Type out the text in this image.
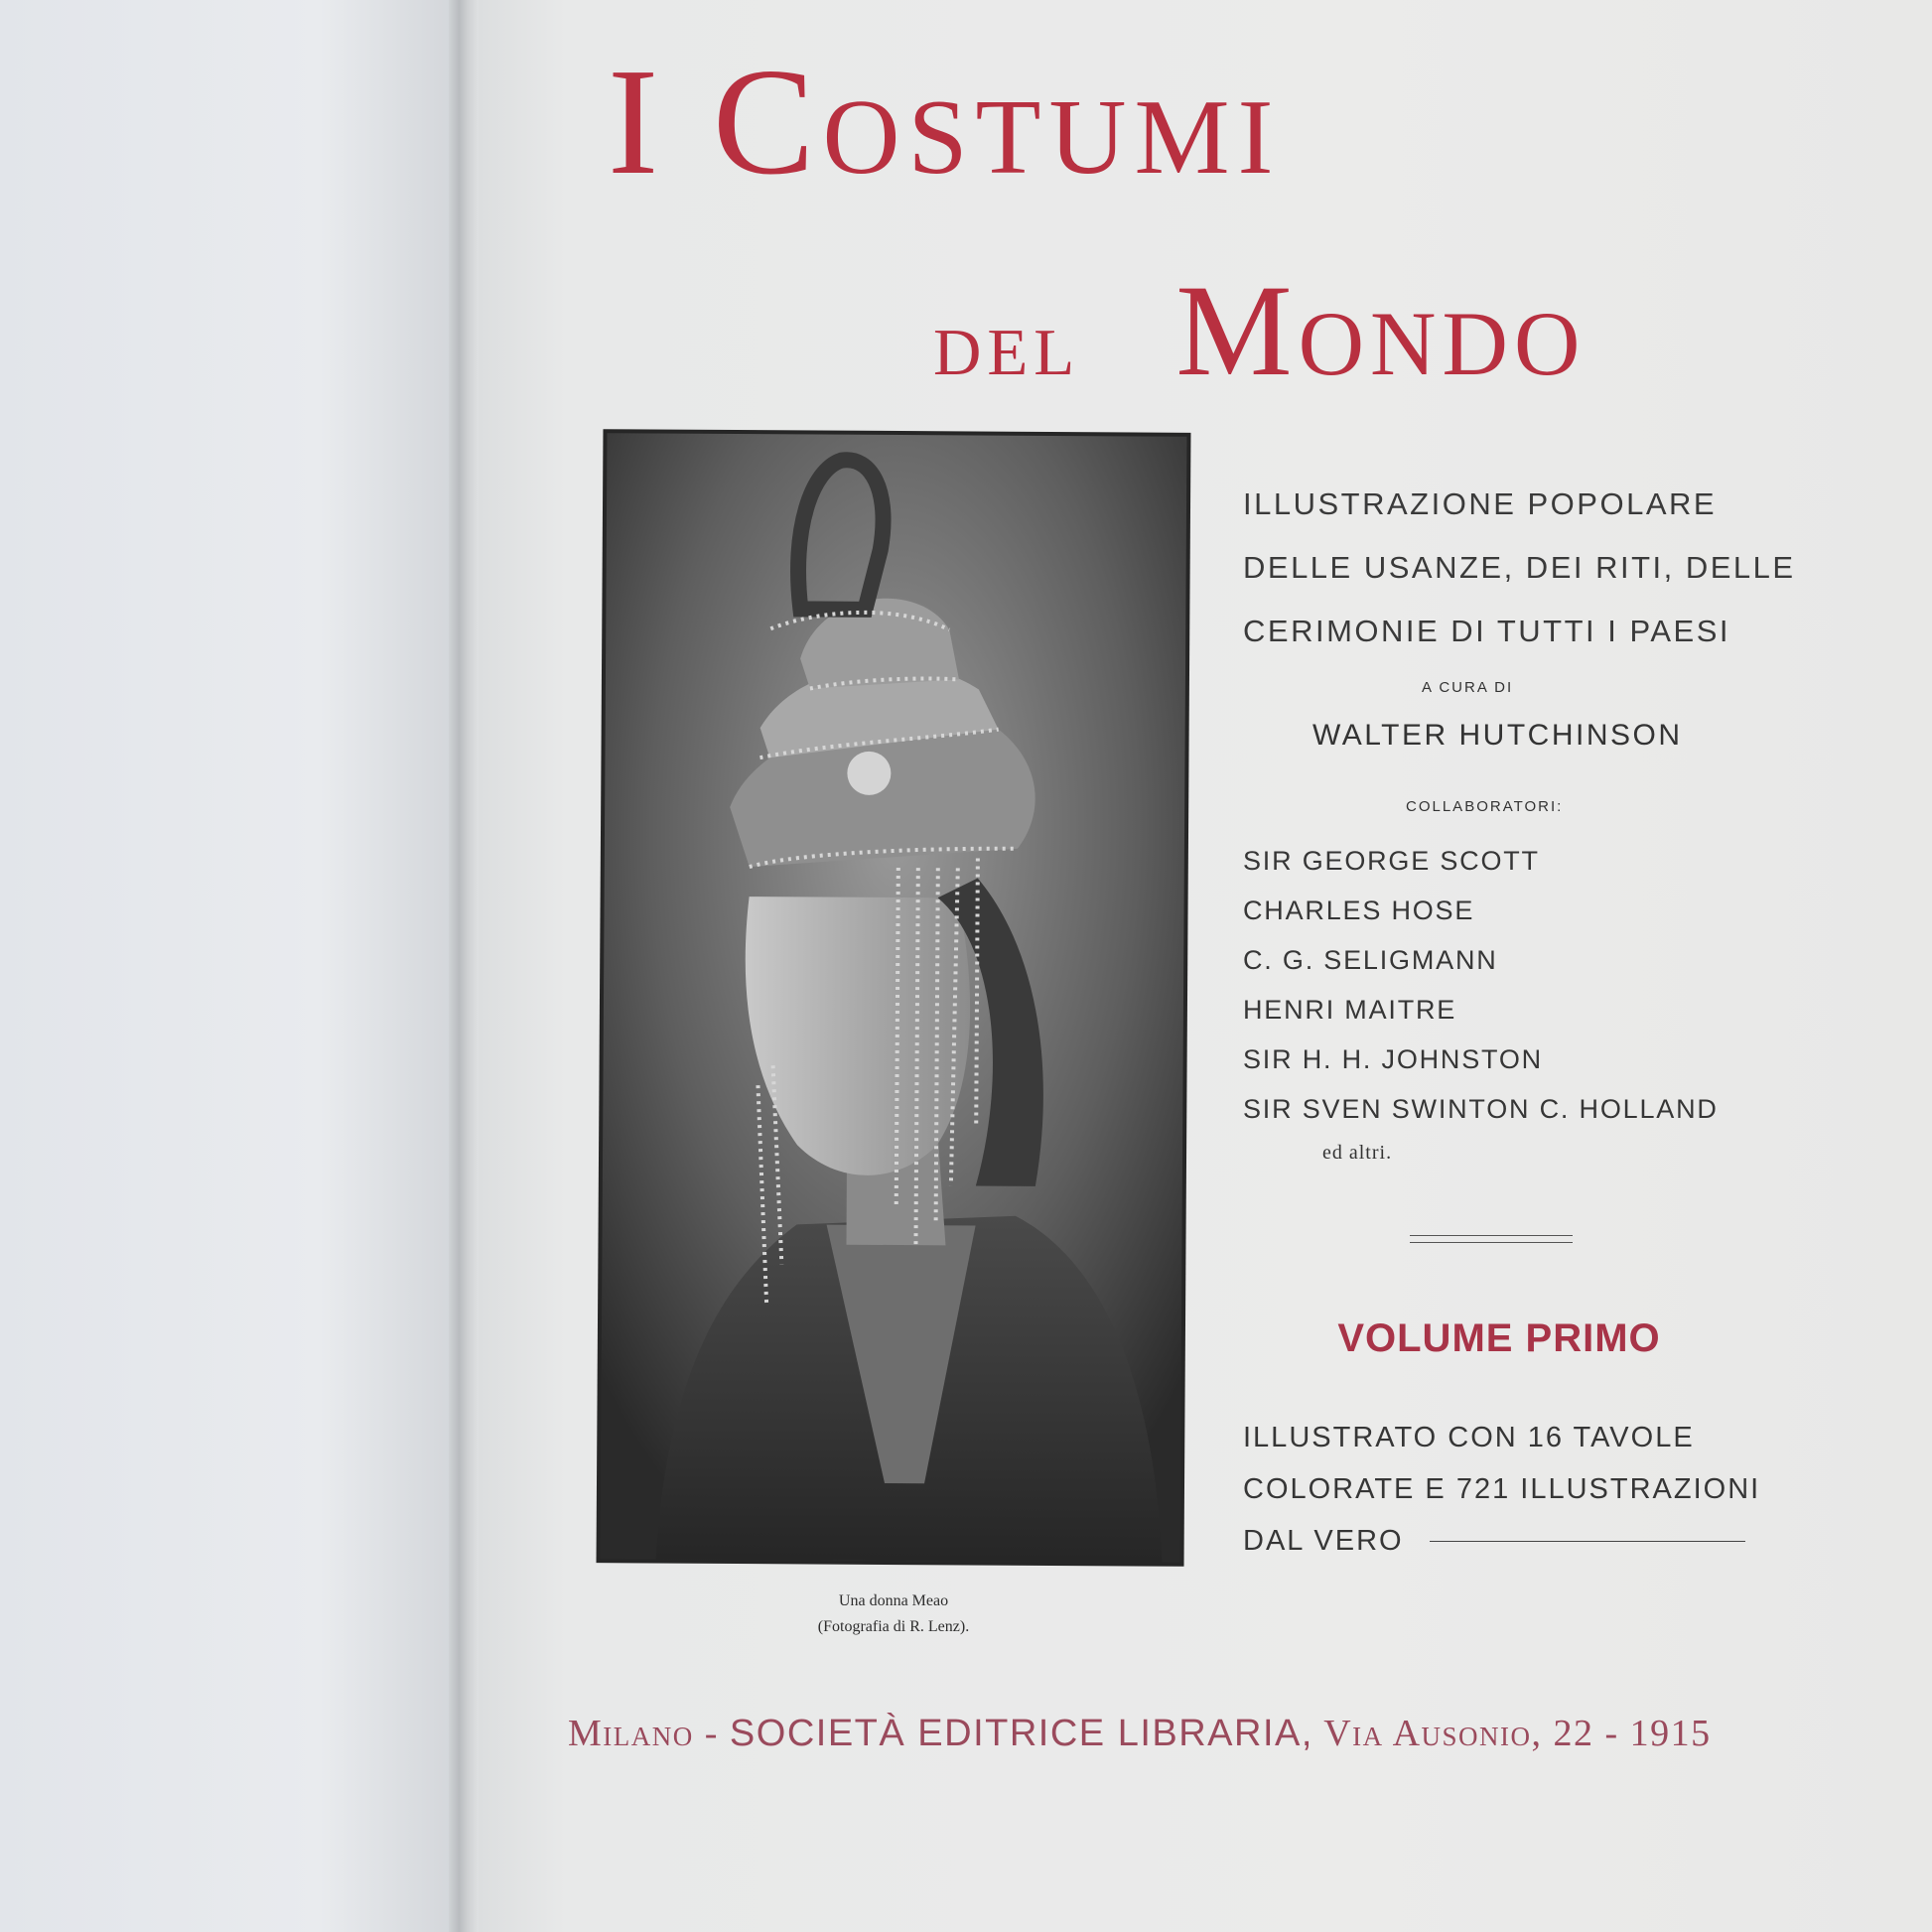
I Costumi
del Mondo
Una donna Meao
(Fotografia di R. Lenz).
ILLUSTRAZIONE POPOLARE
DELLE USANZE, DEI RITI, DELLE
CERIMONIE DI TUTTI I PAESI
A CURA DI
WALTER HUTCHINSON
COLLABORATORI:
SIR GEORGE SCOTT
CHARLES HOSE
C. G. SELIGMANN
HENRI MAITRE
SIR H. H. JOHNSTON
SIR SVEN SWINTON C. HOLLAND
ed altri.
VOLUME PRIMO
ILLUSTRATO CON 16 TAVOLE
COLORATE E 721 ILLUSTRAZIONI
DAL VERO
Milano - SOCIETÀ EDITRICE LIBRARIA, Via Ausonio, 22 - 1915
